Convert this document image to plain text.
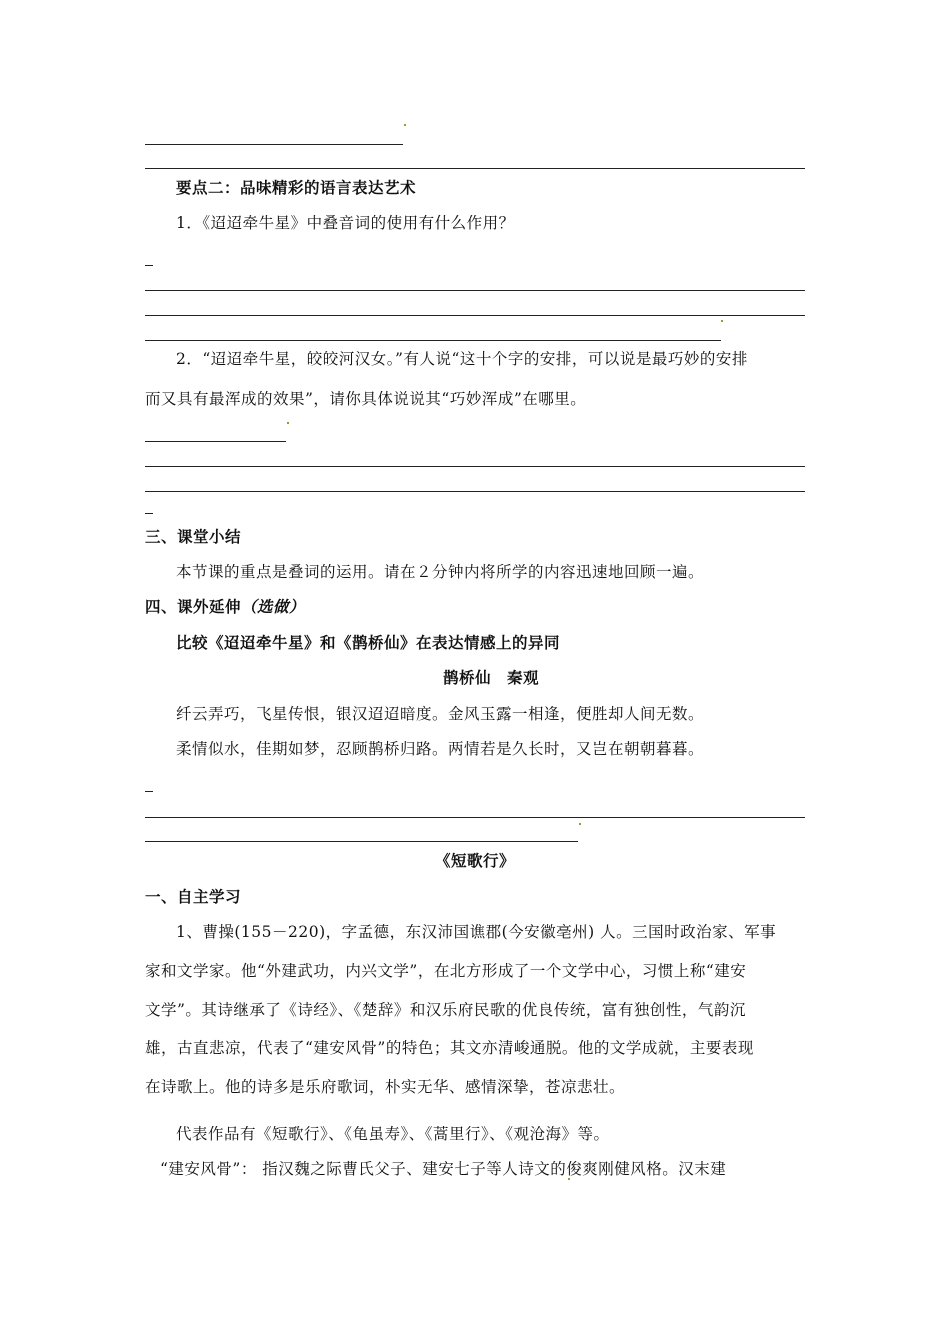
要点二：品味精彩的语言表达艺术
1．《迢迢牵牛星》中叠音词的使用有什么作用？
2．“迢迢牵牛星，皎皎河汉女。”有人说“这十个字的安排，可以说是最巧妙的安排
而又具有最浑成的效果”，请你具体说说其“巧妙浑成”在哪里。
三、课堂小结
本节课的重点是叠词的运用。请在２分钟内将所学的内容迅速地回顾一遍。
四、课外延伸（选做）
比较《迢迢牵牛星》和《鹊桥仙》在表达情感上的异同
鹊桥仙　秦观
纤云弄巧，飞星传恨，银汉迢迢暗度。金风玉露一相逢，便胜却人间无数。
柔情似水，佳期如梦，忍顾鹊桥归路。两情若是久长时，又岂在朝朝暮暮。
《短歌行》
一、自主学习
1、曹操(155－220)，字孟德，东汉沛国谯郡(今安徽亳州) 人。三国时政治家、军事
家和文学家。他“外建武功，内兴文学”，在北方形成了一个文学中心，习惯上称“建安
文学”。其诗继承了《诗经》、《楚辞》和汉乐府民歌的优良传统，富有独创性，气韵沉
雄，古直悲凉，代表了“建安风骨”的特色；其文亦清峻通脱。他的文学成就，主要表现
在诗歌上。他的诗多是乐府歌词，朴实无华、感情深挚，苍凉悲壮。
代表作品有《短歌行》、《龟虽寿》、《蒿里行》、《观沧海》等。
“建安风骨”： 指汉魏之际曹氏父子、建安七子等人诗文的俊爽刚健风格。汉末建
